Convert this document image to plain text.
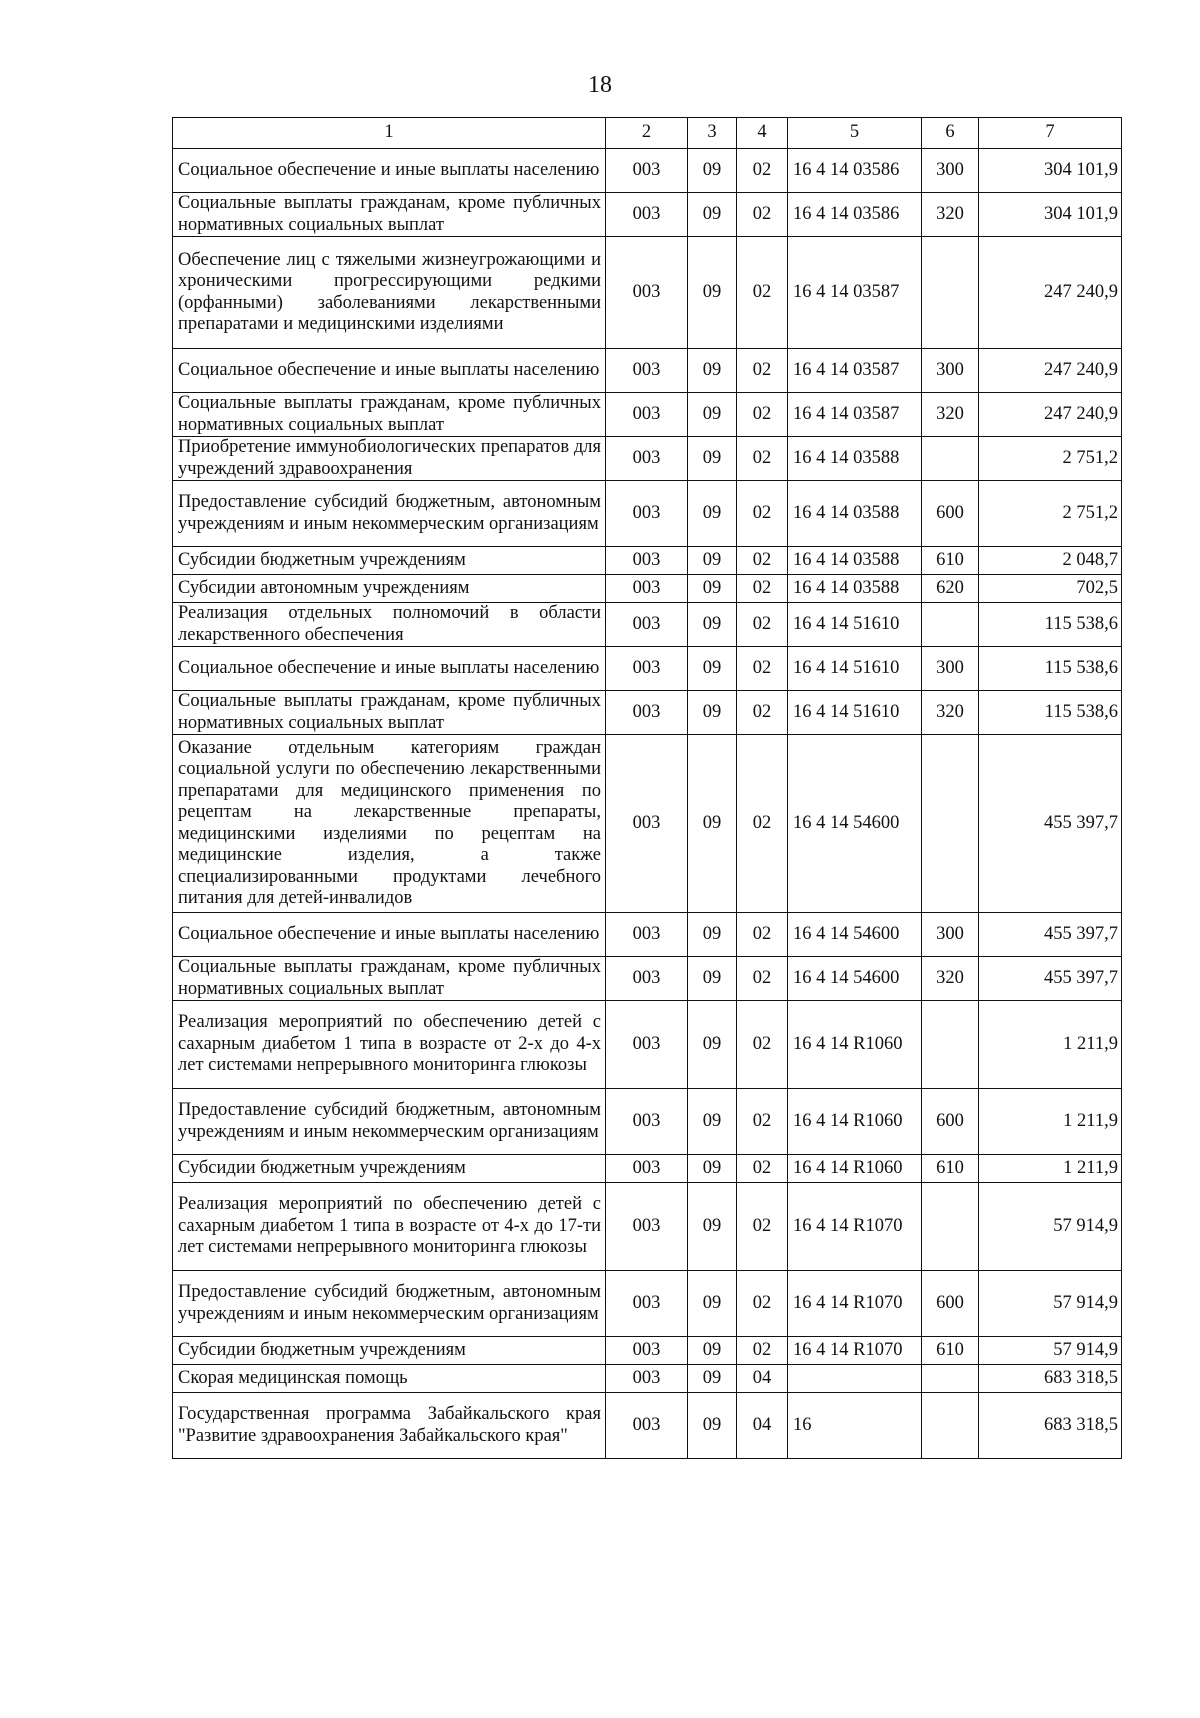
18
1	2	3	4	5	6	7
Социальное обеспечение и иные выплаты населению	003	09	02	16 4 14 03586	300	304 101,9
Социальные выплаты гражданам, кроме публичных нормативных социальных выплат	003	09	02	16 4 14 03586	320	304 101,9
Обеспечение лиц с тяжелыми жизнеугрожающими и хроническими прогрессирующими редкими (орфанными) заболеваниями лекарственными препаратами и медицинскими изделиями	003	09	02	16 4 14 03587		247 240,9
Социальное обеспечение и иные выплаты населению	003	09	02	16 4 14 03587	300	247 240,9
Социальные выплаты гражданам, кроме публичных нормативных социальных выплат	003	09	02	16 4 14 03587	320	247 240,9
Приобретение иммунобиологических препаратов для учреждений здравоохранения	003	09	02	16 4 14 03588		2 751,2
Предоставление субсидий бюджетным, автономным учреждениям и иным некоммерческим организациям	003	09	02	16 4 14 03588	600	2 751,2
Субсидии бюджетным учреждениям	003	09	02	16 4 14 03588	610	2 048,7
Субсидии автономным учреждениям	003	09	02	16 4 14 03588	620	702,5
Реализация отдельных полномочий в области лекарственного обеспечения	003	09	02	16 4 14 51610		115 538,6
Социальное обеспечение и иные выплаты населению	003	09	02	16 4 14 51610	300	115 538,6
Социальные выплаты гражданам, кроме публичных нормативных социальных выплат	003	09	02	16 4 14 51610	320	115 538,6
Оказание отдельным категориям граждан социальной услуги по обеспечению лекарственными препаратами для медицинского применения по рецептам на лекарственные препараты, медицинскими изделиями по рецептам на медицинские изделия, а также специализированными продуктами лечебного питания для детей-инвалидов	003	09	02	16 4 14 54600		455 397,7
Социальное обеспечение и иные выплаты населению	003	09	02	16 4 14 54600	300	455 397,7
Социальные выплаты гражданам, кроме публичных нормативных социальных выплат	003	09	02	16 4 14 54600	320	455 397,7
Реализация мероприятий по обеспечению детей с сахарным диабетом 1 типа в возрасте от 2-х до 4-х лет системами непрерывного мониторинга глюкозы	003	09	02	16 4 14 R1060		1 211,9
Предоставление субсидий бюджетным, автономным учреждениям и иным некоммерческим организациям	003	09	02	16 4 14 R1060	600	1 211,9
Субсидии бюджетным учреждениям	003	09	02	16 4 14 R1060	610	1 211,9
Реализация мероприятий по обеспечению детей с сахарным диабетом 1 типа в возрасте от 4-х до 17-ти лет системами непрерывного мониторинга глюкозы	003	09	02	16 4 14 R1070		57 914,9
Предоставление субсидий бюджетным, автономным учреждениям и иным некоммерческим организациям	003	09	02	16 4 14 R1070	600	57 914,9
Субсидии бюджетным учреждениям	003	09	02	16 4 14 R1070	610	57 914,9
Скорая медицинская помощь	003	09	04			683 318,5
Государственная программа Забайкальского края "Развитие здравоохранения Забайкальского края"	003	09	04	16		683 318,5
